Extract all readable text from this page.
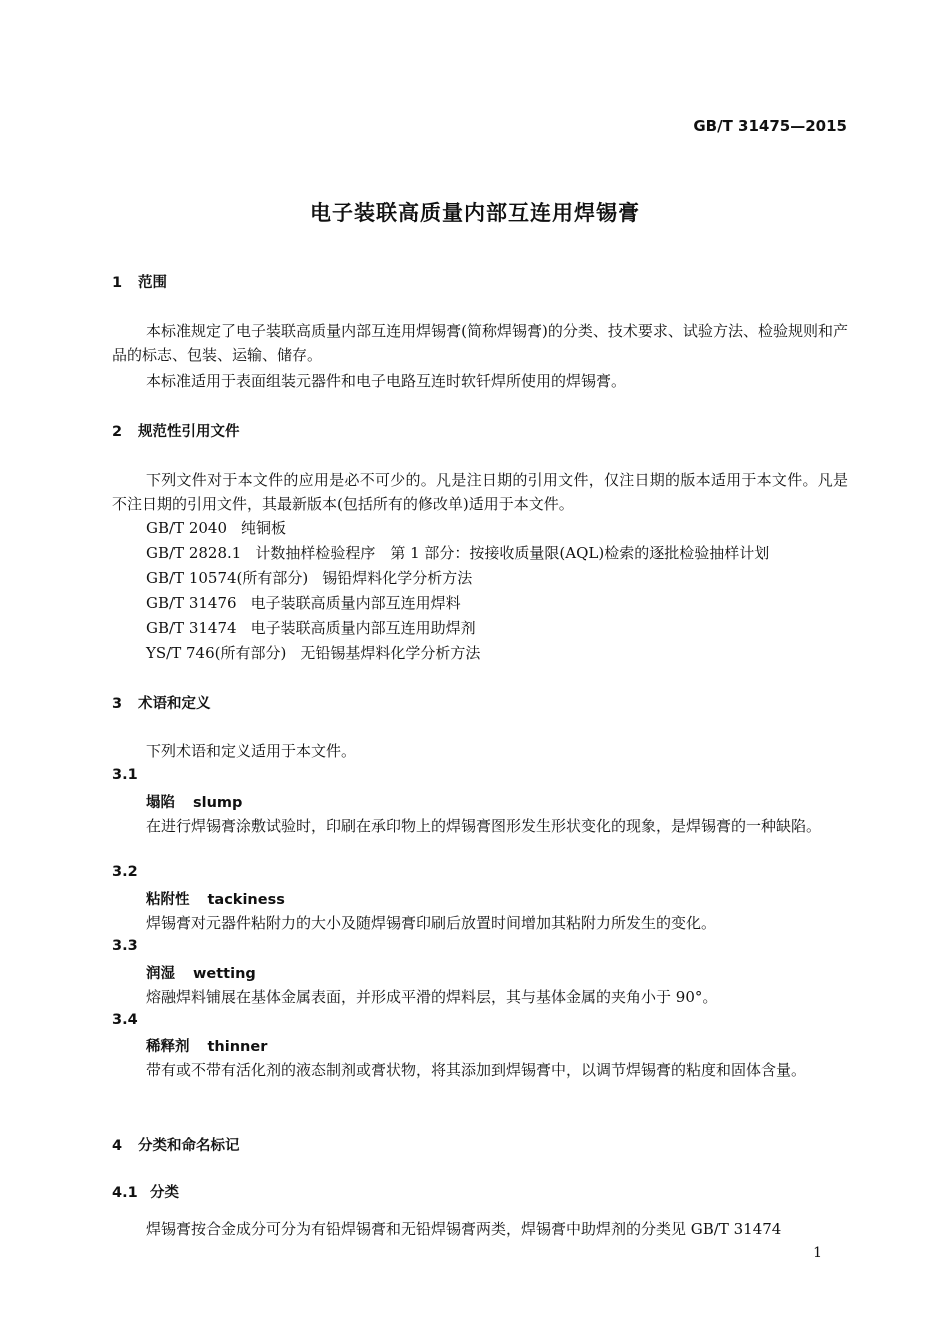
GB/T 31475—2015
电子装联高质量内部互连用焊锡膏
1 范围
本标准规定了电子装联高质量内部互连用焊锡膏(简称焊锡膏)的分类、技术要求、试验方法、检验规则和产品的标志、包装、运输、储存。
本标准适用于表面组装元器件和电子电路互连时软钎焊所使用的焊锡膏。
2 规范性引用文件
下列文件对于本文件的应用是必不可少的。凡是注日期的引用文件，仅注日期的版本适用于本文件。凡是不注日期的引用文件，其最新版本(包括所有的修改单)适用于本文件。
GB/T 2040 纯铜板
GB/T 2828.1 计数抽样检验程序　第 1 部分：按接收质量限(AQL)检索的逐批检验抽样计划
GB/T 10574(所有部分) 锡铅焊料化学分析方法
GB/T 31476 电子装联高质量内部互连用焊料
GB/T 31474 电子装联高质量内部互连用助焊剂
YS/T 746(所有部分) 无铅锡基焊料化学分析方法
3 术语和定义
下列术语和定义适用于本文件。
3.1
塌陷 slump
在进行焊锡膏涂敷试验时，印刷在承印物上的焊锡膏图形发生形状变化的现象，是焊锡膏的一种缺陷。
3.2
粘附性 tackiness
焊锡膏对元器件粘附力的大小及随焊锡膏印刷后放置时间增加其粘附力所发生的变化。
3.3
润湿 wetting
熔融焊料铺展在基体金属表面，并形成平滑的焊料层，其与基体金属的夹角小于 90°。
3.4
稀释剂 thinner
带有或不带有活化剂的液态制剂或膏状物，将其添加到焊锡膏中，以调节焊锡膏的粘度和固体含量。
4 分类和命名标记
4.1 分类
焊锡膏按合金成分可分为有铅焊锡膏和无铅焊锡膏两类，焊锡膏中助焊剂的分类见 GB/T 31474
1
